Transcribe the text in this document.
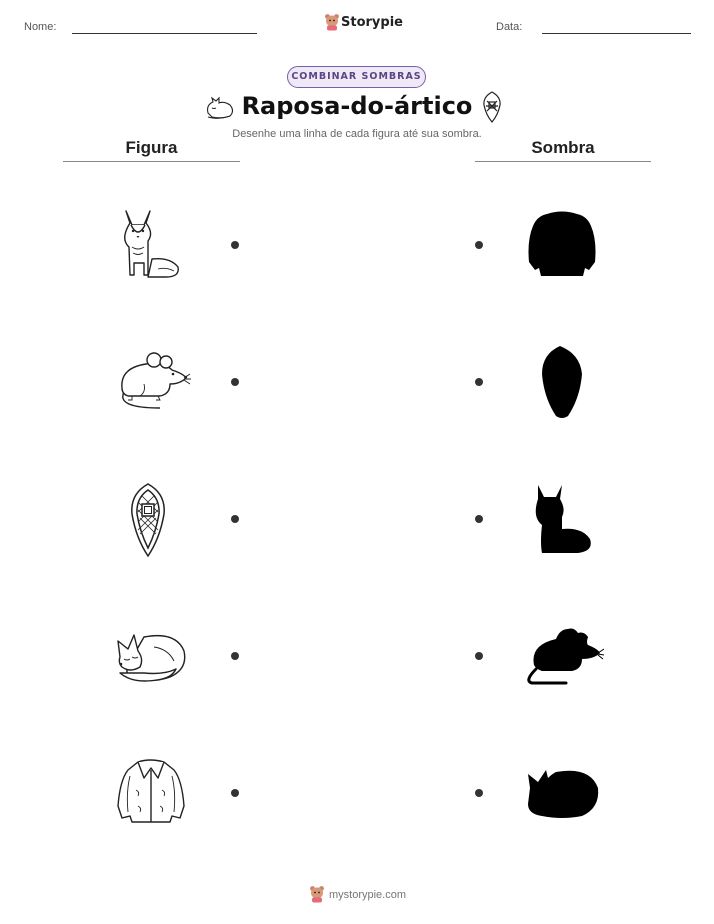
Nome:	Storypie	Data:
COMBINAR SOMBRAS
Raposa-do-ártico
Desenhe uma linha de cada figura até sua sombra.
Figura	Sombra
mystorypie.com
